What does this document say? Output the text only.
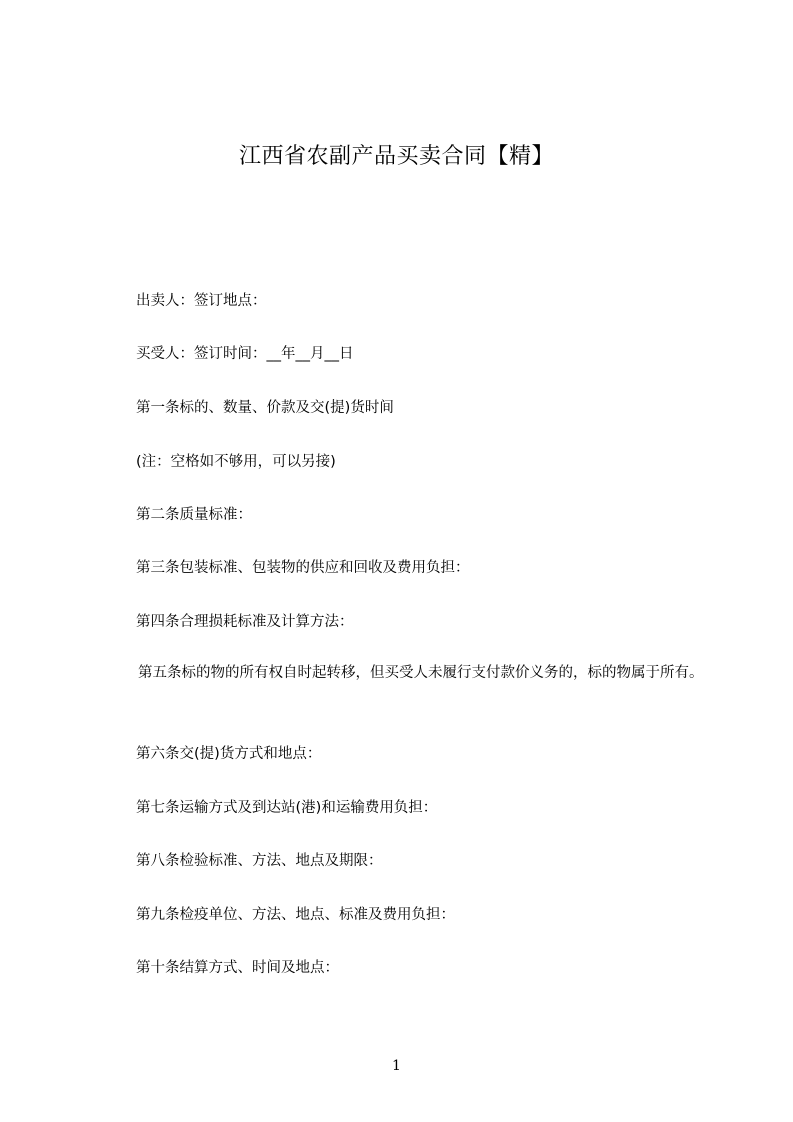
江西省农副产品买卖合同【精】
出卖人：签订地点：
买受人：签订时间：__年__月__日
第一条标的、数量、价款及交(提)货时间
(注：空格如不够用，可以另接)
第二条质量标准：
第三条包装标准、包装物的供应和回收及费用负担：
第四条合理损耗标准及计算方法：
第五条标的物的所有权自时起转移，但买受人未履行支付款价义务的，标的物属于所有。
第六条交(提)货方式和地点：
第七条运输方式及到达站(港)和运输费用负担：
第八条检验标准、方法、地点及期限：
第九条检疫单位、方法、地点、标准及费用负担：
第十条结算方式、时间及地点：
1
